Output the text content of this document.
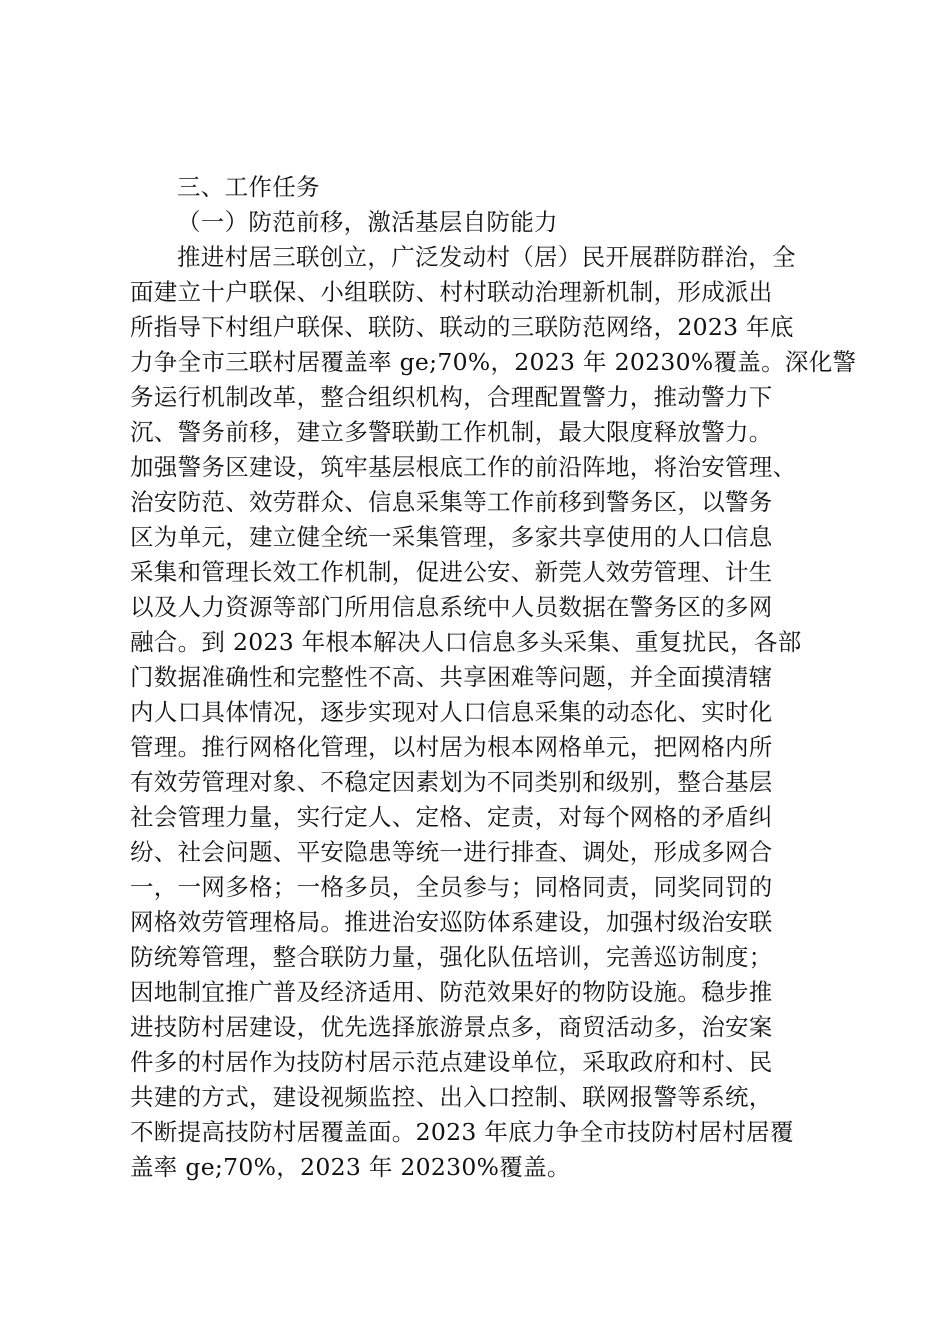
三、工作任务
（一）防范前移，激活基层自防能力
推进村居三联创立，广泛发动村（居）民开展群防群治，全
面建立十户联保、小组联防、村村联动治理新机制，形成派出
所指导下村组户联保、联防、联动的三联防范网络，2023 年底
力争全市三联村居覆盖率 ge;70%，2023 年 20230%覆盖。深化警
务运行机制改革，整合组织机构，合理配置警力，推动警力下
沉、警务前移，建立多警联勤工作机制，最大限度释放警力。
加强警务区建设，筑牢基层根底工作的前沿阵地，将治安管理、
治安防范、效劳群众、信息采集等工作前移到警务区，以警务
区为单元，建立健全统一采集管理，多家共享使用的人口信息
采集和管理长效工作机制，促进公安、新莞人效劳管理、计生
以及人力资源等部门所用信息系统中人员数据在警务区的多网
融合。到 2023 年根本解决人口信息多头采集、重复扰民，各部
门数据准确性和完整性不高、共享困难等问题，并全面摸清辖
内人口具体情况，逐步实现对人口信息采集的动态化、实时化
管理。推行网格化管理，以村居为根本网格单元，把网格内所
有效劳管理对象、不稳定因素划为不同类别和级别，整合基层
社会管理力量，实行定人、定格、定责，对每个网格的矛盾纠
纷、社会问题、平安隐患等统一进行排查、调处，形成多网合
一，一网多格；一格多员，全员参与；同格同责，同奖同罚的
网格效劳管理格局。推进治安巡防体系建设，加强村级治安联
防统筹管理，整合联防力量，强化队伍培训，完善巡访制度；
因地制宜推广普及经济适用、防范效果好的物防设施。稳步推
进技防村居建设，优先选择旅游景点多，商贸活动多，治安案
件多的村居作为技防村居示范点建设单位，采取政府和村、民
共建的方式，建设视频监控、出入口控制、联网报警等系统，
不断提高技防村居覆盖面。2023 年底力争全市技防村居村居覆
盖率 ge;70%，2023 年 20230%覆盖。
